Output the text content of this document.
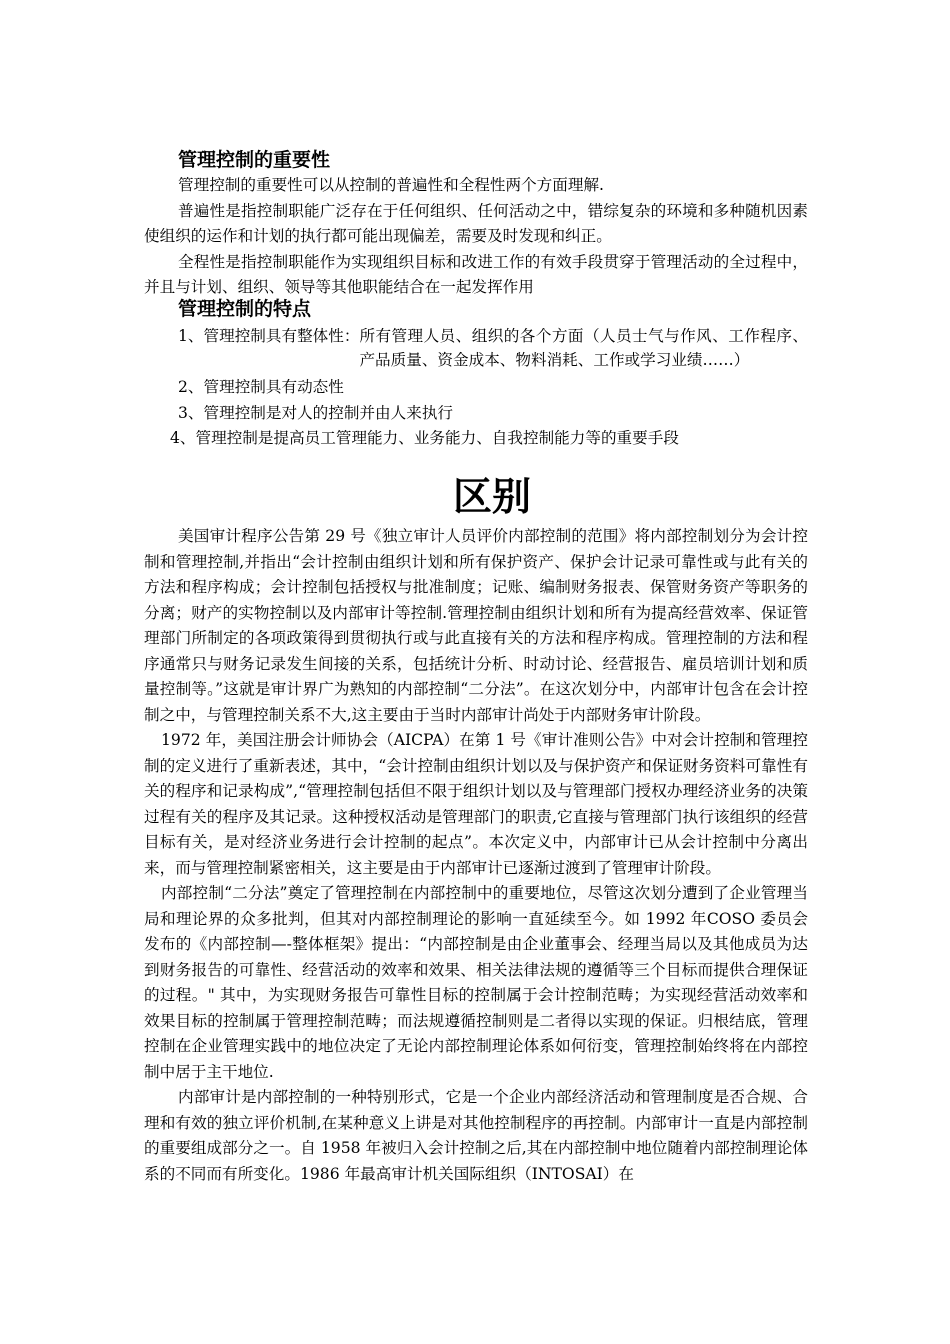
管理控制的重要性

管理控制的重要性可以从控制的普遍性和全程性两个方面理解.

普遍性是指控制职能广泛存在于任何组织、任何活动之中，错综复杂的环境和多种随机因素使组织的运作和计划的执行都可能出现偏差，需要及时发现和纠正。

全程性是指控制职能作为实现组织目标和改进工作的有效手段贯穿于管理活动的全过程中，并且与计划、组织、领导等其他职能结合在一起发挥作用

管理控制的特点
1、管理控制具有整体性： 所有管理人员、组织的各个方面（人员士气与作风、工作程序、产品质量、资金成本、物料消耗、工作或学习业绩……）
2、管理控制具有动态性
3、管理控制是对人的控制并由人来执行
4、管理控制是提高员工管理能力、业务能力、自我控制能力等的重要手段
区别

美国审计程序公告第 29 号《独立审计人员评价内部控制的范围》将内部控制划分为会计控制和管理控制,并指出“会计控制由组织计划和所有保护资产、保护会计记录可靠性或与此有关的方法和程序构成；会计控制包括授权与批准制度；记账、编制财务报表、保管财务资产等职务的分离；财产的实物控制以及内部审计等控制.管理控制由组织计划和所有为提高经营效率、保证管理部门所制定的各项政策得到贯彻执行或与此直接有关的方法和程序构成。管理控制的方法和程序通常只与财务记录发生间接的关系，包括统计分析、时动讨论、经营报告、雇员培训计划和质量控制等。”这就是审计界广为熟知的内部控制“二分法”。在这次划分中，内部审计包含在会计控制之中，与管理控制关系不大,这主要由于当时内部审计尚处于内部财务审计阶段。

1972 年，美国注册会计师协会（AICPA）在第 1 号《审计准则公告》中对会计控制和管理控制的定义进行了重新表述，其中，“会计控制由组织计划以及与保护资产和保证财务资料可靠性有关的程序和记录构成”,“管理控制包括但不限于组织计划以及与管理部门授权办理经济业务的决策过程有关的程序及其记录。这种授权活动是管理部门的职责,它直接与管理部门执行该组织的经营目标有关，是对经济业务进行会计控制的起点”。本次定义中，内部审计已从会计控制中分离出来，而与管理控制紧密相关，这主要是由于内部审计已逐渐过渡到了管理审计阶段。

内部控制“二分法”奠定了管理控制在内部控制中的重要地位，尽管这次划分遭到了企业管理当局和理论界的众多批判，但其对内部控制理论的影响一直延续至今。如 1992 年COSO 委员会发布的《内部控制—-整体框架》提出：“内部控制是由企业董事会、经理当局以及其他成员为达到财务报告的可靠性、经营活动的效率和效果、相关法律法规的遵循等三个目标而提供合理保证的过程。" 其中，为实现财务报告可靠性目标的控制属于会计控制范畴；为实现经营活动效率和效果目标的控制属于管理控制范畴；而法规遵循控制则是二者得以实现的保证。归根结底，管理控制在企业管理实践中的地位决定了无论内部控制理论体系如何衍变，管理控制始终将在内部控制中居于主干地位.

内部审计是内部控制的一种特别形式，它是一个企业内部经济活动和管理制度是否合规、合理和有效的独立评价机制,在某种意义上讲是对其他控制程序的再控制。内部审计一直是内部控制的重要组成部分之一。自 1958 年被归入会计控制之后,其在内部控制中地位随着内部控制理论体系的不同而有所变化。1986 年最高审计机关国际组织（INTOSAI）在
